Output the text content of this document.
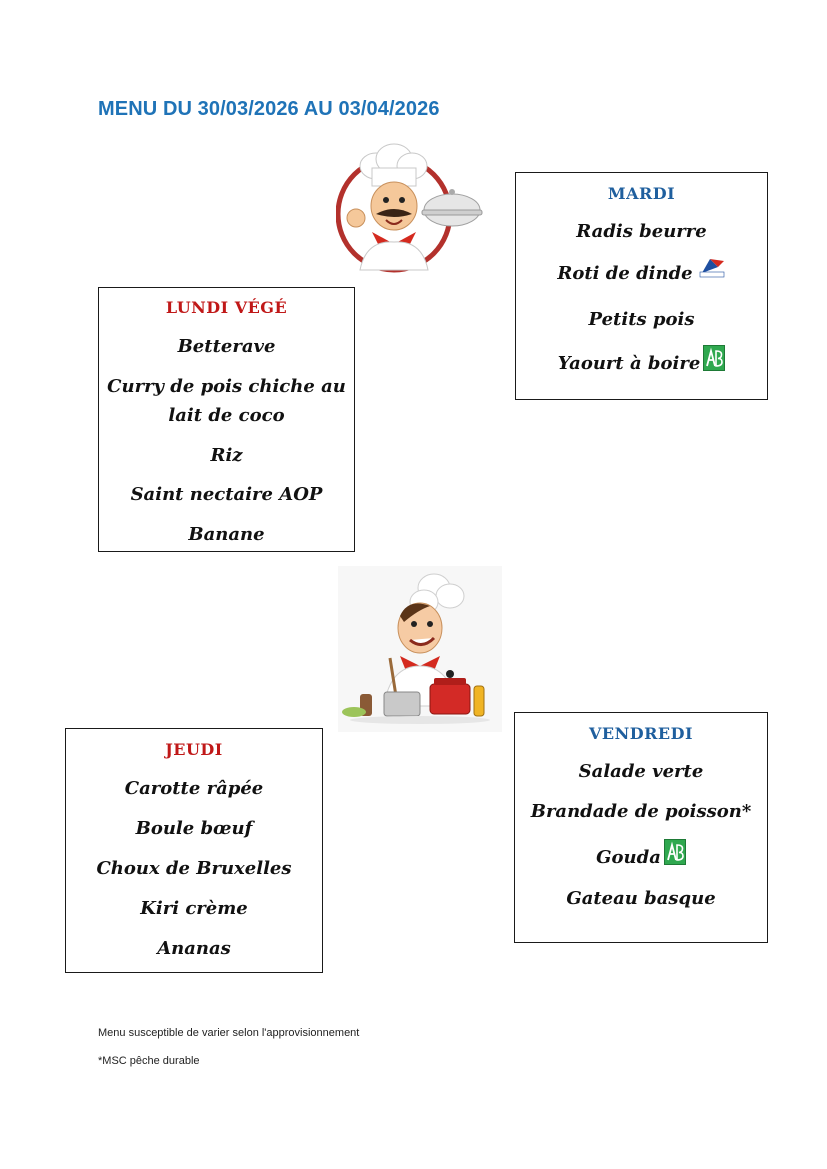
MENU DU 30/03/2026 AU 03/04/2026

LUNDI VÉGÉ

Betterave

Curry de pois chiche au
lait de coco

Riz

Saint nectaire AOP

Banane

MARDI

Radis beurre

Roti de dinde

Petits pois

Yaourt à boire

JEUDI

Carotte râpée

Boule bœuf

Choux de Bruxelles

Kiri crème

Ananas

VENDREDI

Salade verte

Brandade de poisson*

Gouda

Gateau basque

Menu susceptible de varier selon l'approvisionnement

*MSC pêche durable
